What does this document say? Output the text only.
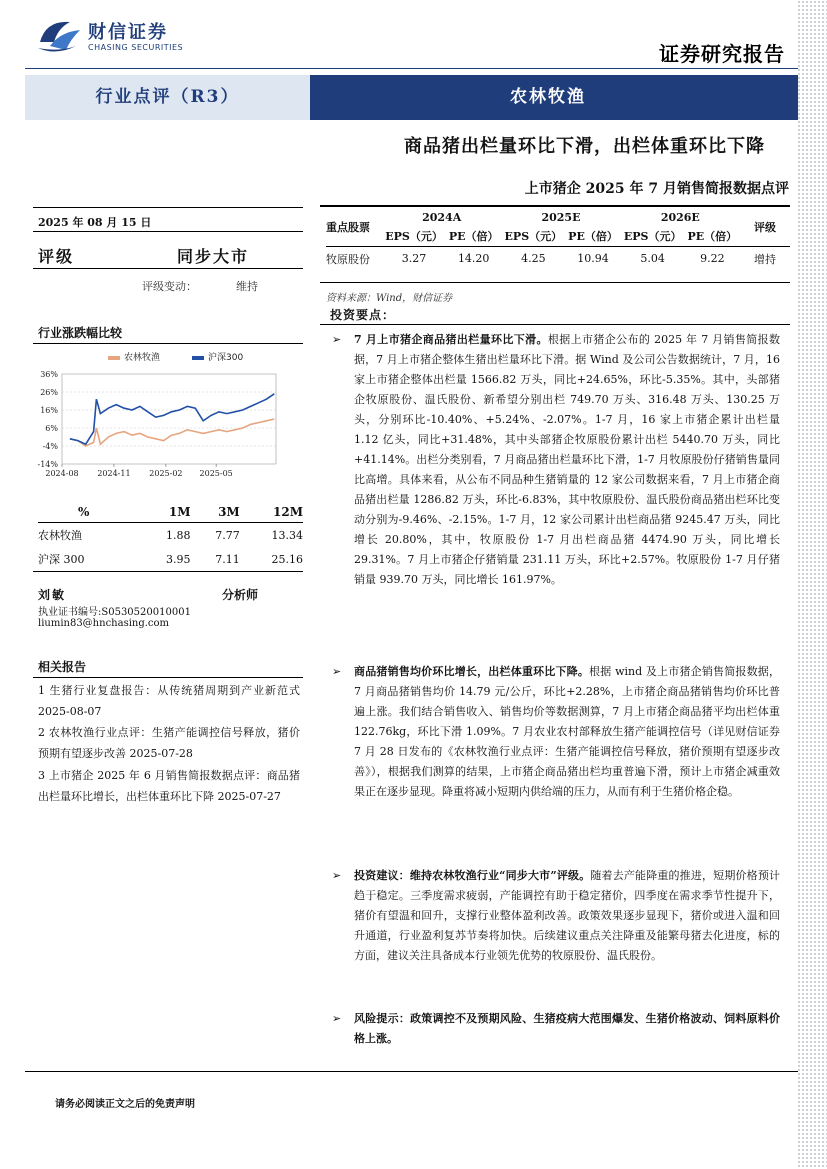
财信证券
CHASING SECURITIES	证券研究报告
行业点评（R3）	农林牧渔
商品猪出栏量环比下滑，出栏体重环比下降
上市猪企 2025 年 7 月销售简报数据点评
2025 年 08 月 15 日
评级	同步大市
评级变动：	维持
行业涨跌幅比较
36%
26%
16%
6%
-4%
-14%
2024-08 2024-11 2025-02 2025-05
农林牧渔	沪深300
%	1M	3M	12M
农林牧渔	1.88	7.77	13.34
沪深 300	3.95	7.11	25.16
刘敏	分析师
执业证书编号:S0530520010001
liumin83@hnchasing.com
相关报告
1 生猪行业复盘报告：从传统猪周期到产业新范式 2025-08-07
2 农林牧渔行业点评：生猪产能调控信号释放，猪价预期有望逐步改善 2025-07-28
3 上市猪企 2025 年 6 月销售简报数据点评：商品猪出栏量环比增长，出栏体重环比下降 2025-07-27
重点股票	2024A		2025E		2026E		评级
	EPS（元）	PE（倍）	EPS（元）	PE（倍）	EPS（元）	PE（倍）	
牧原股份	3.27	14.20	4.25	10.94	5.04	9.22	增持
资料来源：Wind，财信证券
投资要点：
➢	7 月上市猪企商品猪出栏量环比下滑。根据上市猪企公布的 2025 年 7 月销售简报数据，7 月上市猪企整体生猪出栏量环比下滑。据 Wind 及公司公告数据统计，7 月，16 家上市猪企整体出栏量 1566.82 万头，同比+24.65%，环比-5.35%。其中，头部猪企牧原股份、温氏股份、新希望分别出栏 749.70 万头、316.48 万头、130.25 万头，分别环比-10.40%、+5.24%、-2.07%。1-7 月，16 家上市猪企累计出栏量 1.12 亿头，同比+31.48%，其中头部猪企牧原股份累计出栏 5440.70 万头，同比+41.14%。出栏分类别看，7 月商品猪出栏量环比下滑，1-7 月牧原股份仔猪销售量同比高增。具体来看，从公布不同品种生猪销量的 12 家公司数据来看，7 月上市猪企商品猪出栏量 1286.82 万头，环比-6.83%，其中牧原股份、温氏股份商品猪出栏环比变动分别为-9.46%、-2.15%。1-7 月，12 家公司累计出栏商品猪 9245.47 万头，同比增长 20.80%，其中，牧原股份 1-7 月出栏商品猪 4474.90 万头，同比增长 29.31%。7 月上市猪企仔猪销量 231.11 万头，环比+2.57%。牧原股份 1-7 月仔猪销量 939.70 万头，同比增长 161.97%。

➢	商品猪销售均价环比增长，出栏体重环比下降。根据 wind 及上市猪企销售简报数据，7 月商品猪销售均价 14.79 元/公斤，环比+2.28%，上市猪企商品猪销售均价环比普遍上涨。我们结合销售收入、销售均价等数据测算，7 月上市猪企商品猪平均出栏体重 122.76kg，环比下滑 1.09%。7 月农业农村部释放生猪产能调控信号（详见财信证券 7 月 28 日发布的《农林牧渔行业点评：生猪产能调控信号释放，猪价预期有望逐步改善》），根据我们测算的结果，上市猪企商品猪出栏均重普遍下滑，预计上市猪企减重效果正在逐步显现。降重将减小短期内供给端的压力，从而有利于生猪价格企稳。

➢	投资建议：维持农林牧渔行业“同步大市”评级。随着去产能降重的推进，短期价格预计趋于稳定。三季度需求疲弱，产能调控有助于稳定猪价，四季度在需求季节性提升下，猪价有望温和回升，支撑行业整体盈利改善。政策效果逐步显现下，猪价或进入温和回升通道，行业盈利复苏节奏将加快。后续建议重点关注降重及能繁母猪去化进度，标的方面，建议关注具备成本行业领先优势的牧原股份、温氏股份。

➢	风险提示：政策调控不及预期风险、生猪疫病大范围爆发、生猪价格波动、饲料原料价格上涨。

请务必阅读正文之后的免责声明
